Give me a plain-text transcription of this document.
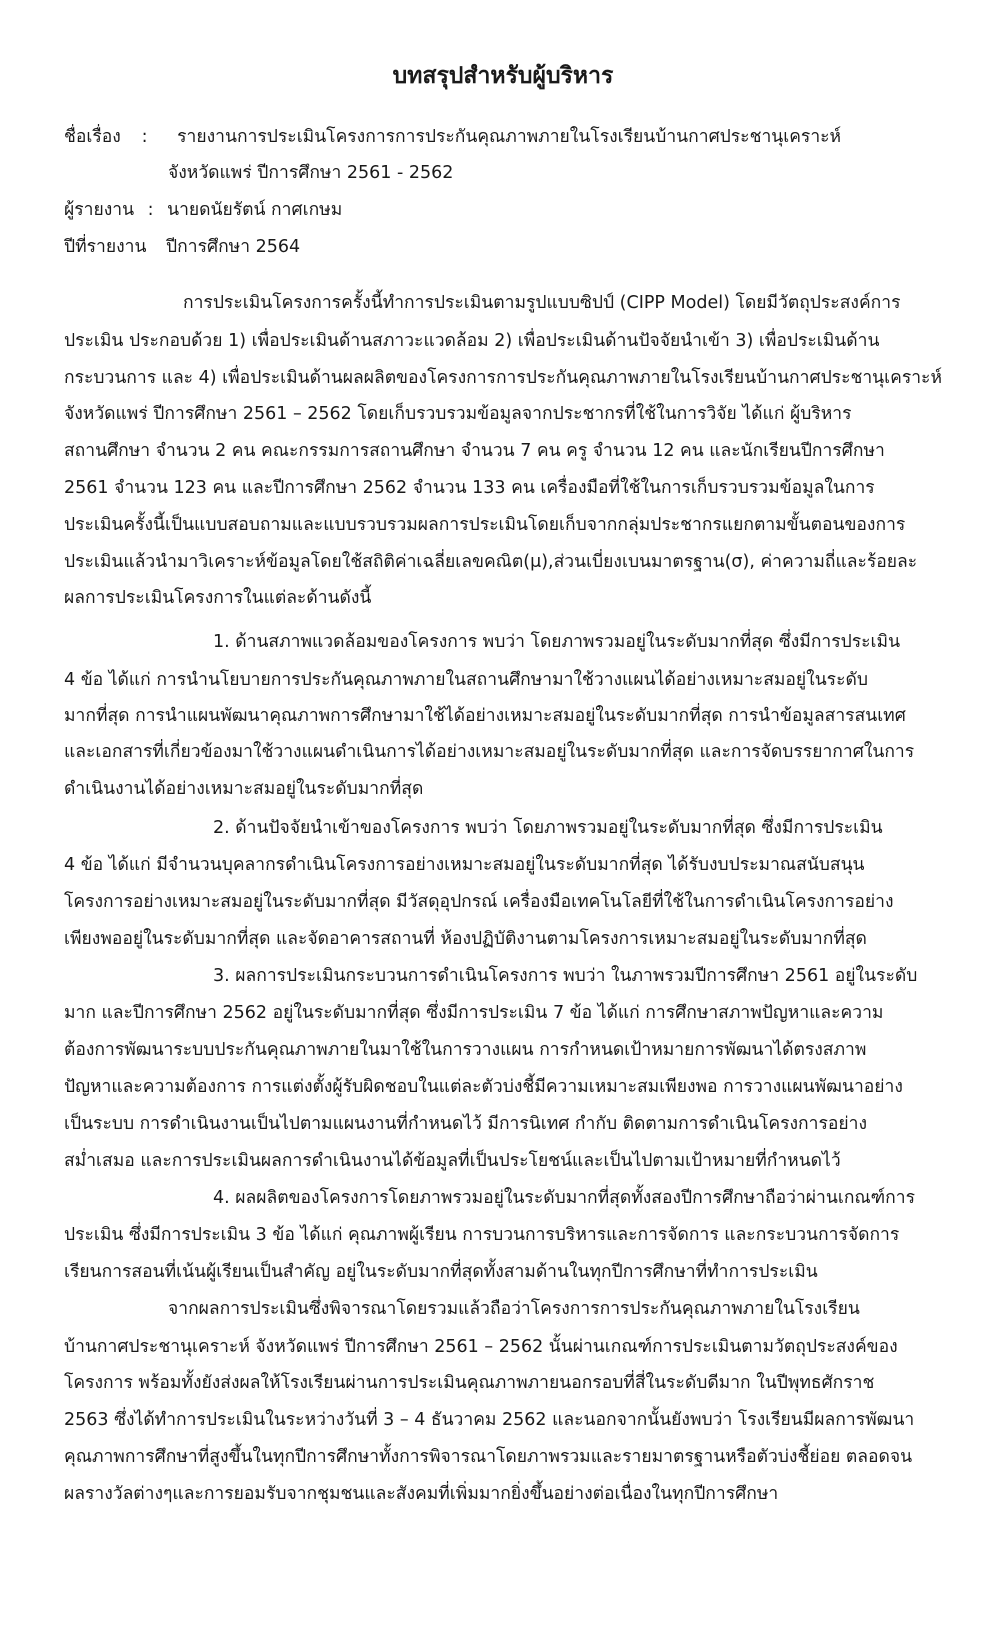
บทสรุปสำหรับผู้บริหาร
ชื่อเรื่อง : รายงานการประเมินโครงการการประกันคุณภาพภายในโรงเรียนบ้านกาศประชานุเคราะห์
จังหวัดแพร่ ปีการศึกษา 2561 - 2562
ผู้รายงาน : นายดนัยรัตน์ กาศเกษม
ปีที่รายงาน ปีการศึกษา 2564
การประเมินโครงการครั้งนี้ทำการประเมินตามรูปแบบซิปป์ (CIPP Model) โดยมีวัตถุประสงค์การ
ประเมิน ประกอบด้วย 1) เพื่อประเมินด้านสภาวะแวดล้อม 2) เพื่อประเมินด้านปัจจัยนำเข้า 3) เพื่อประเมินด้าน
กระบวนการ และ 4) เพื่อประเมินด้านผลผลิตของโครงการการประกันคุณภาพภายในโรงเรียนบ้านกาศประชานุเคราะห์
จังหวัดแพร่ ปีการศึกษา 2561 – 2562 โดยเก็บรวบรวมข้อมูลจากประชากรที่ใช้ในการวิจัย ได้แก่ ผู้บริหาร
สถานศึกษา จำนวน 2 คน คณะกรรมการสถานศึกษา จำนวน 7 คน ครู จำนวน 12 คน และนักเรียนปีการศึกษา
2561 จำนวน 123 คน และปีการศึกษา 2562 จำนวน 133 คน เครื่องมือที่ใช้ในการเก็บรวบรวมข้อมูลในการ
ประเมินครั้งนี้เป็นแบบสอบถามและแบบรวบรวมผลการประเมินโดยเก็บจากกลุ่มประชากรแยกตามขั้นตอนของการ
ประเมินแล้วนำมาวิเคราะห์ข้อมูลโดยใช้สถิติค่าเฉลี่ยเลขคณิต(μ),ส่วนเบี่ยงเบนมาตรฐาน(σ), ค่าความถี่และร้อยละ
ผลการประเมินโครงการในแต่ละด้านดังนี้
1. ด้านสภาพแวดล้อมของโครงการ พบว่า โดยภาพรวมอยู่ในระดับมากที่สุด ซึ่งมีการประเมิน
4 ข้อ ได้แก่ การนำนโยบายการประกันคุณภาพภายในสถานศึกษามาใช้วางแผนได้อย่างเหมาะสมอยู่ในระดับ
มากที่สุด การนำแผนพัฒนาคุณภาพการศึกษามาใช้ได้อย่างเหมาะสมอยู่ในระดับมากที่สุด การนำข้อมูลสารสนเทศ
และเอกสารที่เกี่ยวข้องมาใช้วางแผนดำเนินการได้อย่างเหมาะสมอยู่ในระดับมากที่สุด และการจัดบรรยากาศในการ
ดำเนินงานได้อย่างเหมาะสมอยู่ในระดับมากที่สุด
2. ด้านปัจจัยนำเข้าของโครงการ พบว่า โดยภาพรวมอยู่ในระดับมากที่สุด ซึ่งมีการประเมิน
4 ข้อ ได้แก่ มีจำนวนบุคลากรดำเนินโครงการอย่างเหมาะสมอยู่ในระดับมากที่สุด ได้รับงบประมาณสนับสนุน
โครงการอย่างเหมาะสมอยู่ในระดับมากที่สุด มีวัสดุอุปกรณ์ เครื่องมือเทคโนโลยีที่ใช้ในการดำเนินโครงการอย่าง
เพียงพออยู่ในระดับมากที่สุด และจัดอาคารสถานที่ ห้องปฏิบัติงานตามโครงการเหมาะสมอยู่ในระดับมากที่สุด
3. ผลการประเมินกระบวนการดำเนินโครงการ พบว่า ในภาพรวมปีการศึกษา 2561 อยู่ในระดับ
มาก และปีการศึกษา 2562 อยู่ในระดับมากที่สุด ซึ่งมีการประเมิน 7 ข้อ ได้แก่ การศึกษาสภาพปัญหาและความ
ต้องการพัฒนาระบบประกันคุณภาพภายในมาใช้ในการวางแผน การกำหนดเป้าหมายการพัฒนาได้ตรงสภาพ
ปัญหาและความต้องการ การแต่งตั้งผู้รับผิดชอบในแต่ละตัวบ่งชี้มีความเหมาะสมเพียงพอ การวางแผนพัฒนาอย่าง
เป็นระบบ การดำเนินงานเป็นไปตามแผนงานที่กำหนดไว้ มีการนิเทศ กำกับ ติดตามการดำเนินโครงการอย่าง
สม่ำเสมอ และการประเมินผลการดำเนินงานได้ข้อมูลที่เป็นประโยชน์และเป็นไปตามเป้าหมายที่กำหนดไว้
4. ผลผลิตของโครงการโดยภาพรวมอยู่ในระดับมากที่สุดทั้งสองปีการศึกษาถือว่าผ่านเกณฑ์การ
ประเมิน ซึ่งมีการประเมิน 3 ข้อ ได้แก่ คุณภาพผู้เรียน การบวนการบริหารและการจัดการ และกระบวนการจัดการ
เรียนการสอนที่เน้นผู้เรียนเป็นสำคัญ อยู่ในระดับมากที่สุดทั้งสามด้านในทุกปีการศึกษาที่ทำการประเมิน
จากผลการประเมินซึ่งพิจารณาโดยรวมแล้วถือว่าโครงการการประกันคุณภาพภายในโรงเรียน
บ้านกาศประชานุเคราะห์ จังหวัดแพร่ ปีการศึกษา 2561 – 2562 นั้นผ่านเกณฑ์การประเมินตามวัตถุประสงค์ของ
โครงการ พร้อมทั้งยังส่งผลให้โรงเรียนผ่านการประเมินคุณภาพภายนอกรอบที่สี่ในระดับดีมาก ในปีพุทธศักราช
2563 ซึ่งได้ทำการประเมินในระหว่างวันที่ 3 – 4 ธันวาคม 2562 และนอกจากนั้นยังพบว่า โรงเรียนมีผลการพัฒนา
คุณภาพการศึกษาที่สูงขึ้นในทุกปีการศึกษาทั้งการพิจารณาโดยภาพรวมและรายมาตรฐานหรือตัวบ่งชี้ย่อย ตลอดจน
ผลรางวัลต่างๆและการยอมรับจากชุมชนและสังคมที่เพิ่มมากยิ่งขึ้นอย่างต่อเนื่องในทุกปีการศึกษา
